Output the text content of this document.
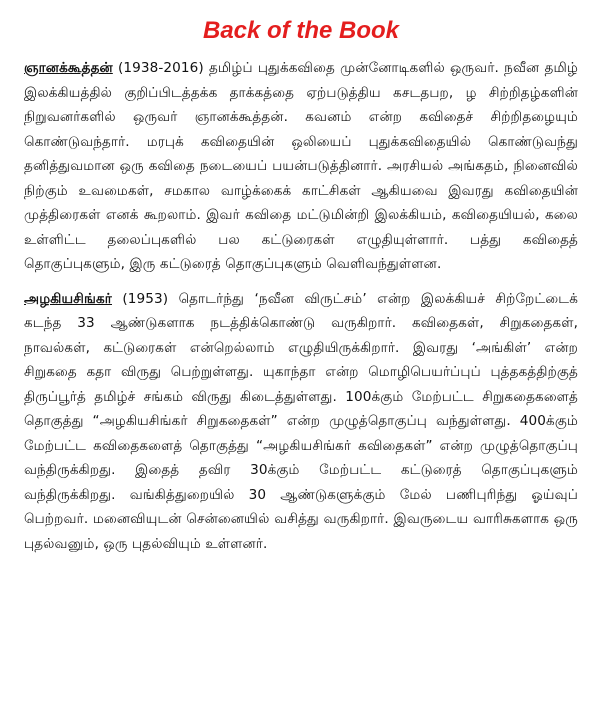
Back of the Book

ஞானக்கூத்தன் (1938-2016) தமிழ்ப் புதுக்கவிதை முன்னோடிகளில் ஒருவர். நவீன தமிழ் இலக்கியத்தில் குறிப்பிடத்தக்க தாக்கத்தை ஏற்படுத்திய கசடதபற, ழ சிற்றிதழ்களின் நிறுவனர்களில் ஒருவர் ஞானக்கூத்தன். கவனம் என்ற கவிதைச் சிற்றிதழையும் கொண்டுவந்தார். மரபுக் கவிதையின் ஒலியைப் புதுக்கவிதையில் கொண்டுவந்து தனித்துவமான ஒரு கவிதை நடையைப் பயன்படுத்தினார். அரசியல் அங்கதம், நினைவில் நிற்கும் உவமைகள், சமகால வாழ்க்கைக் காட்சிகள் ஆகியவை இவரது கவிதையின் முத்திரைகள் எனக் கூறலாம். இவர் கவிதை மட்டுமின்றி இலக்கியம், கவிதையியல், கலை உள்ளிட்ட தலைப்புகளில் பல கட்டுரைகள் எழுதியுள்ளார். பத்து கவிதைத் தொகுப்புகளும், இரு கட்டுரைத் தொகுப்புகளும் வெளிவந்துள்ளன.

அழகியசிங்கர் (1953) தொடர்ந்து ‘நவீன விருட்சம்’ என்ற இலக்கியச் சிற்றேட்டைக் கடந்த 33 ஆண்டுகளாக நடத்திக்கொண்டு வருகிறார். கவிதைகள், சிறுகதைகள், நாவல்கள், கட்டுரைகள் என்றெல்லாம் எழுதியிருக்கிறார். இவரது ‘அங்கிள்’ என்ற சிறுகதை கதா விருது பெற்றுள்ளது. யுகாந்தா என்ற மொழிபெயர்ப்புப் புத்தகத்திற்குத் திருப்பூர்த் தமிழ்ச் சங்கம் விருது கிடைத்துள்ளது. 100க்கும் மேற்பட்ட சிறுகதைகளைத் தொகுத்து “அழகியசிங்கர் சிறுகதைகள்” என்ற முழுத்தொகுப்பு வந்துள்ளது. 400க்கும் மேற்பட்ட கவிதைகளைத் தொகுத்து “அழகியசிங்கர் கவிதைகள்” என்ற முழுத்தொகுப்பு வந்திருக்கிறது. இதைத் தவிர 30க்கும் மேற்பட்ட கட்டுரைத் தொகுப்புகளும் வந்திருக்கிறது. வங்கித்துறையில் 30 ஆண்டுகளுக்கும் மேல் பணிபுரிந்து ஓய்வுப் பெற்றவர். மனைவியுடன் சென்னையில் வசித்து வருகிறார். இவருடைய வாரிசுகளாக ஒரு புதல்வனும், ஒரு புதல்வியும் உள்ளனர்.
